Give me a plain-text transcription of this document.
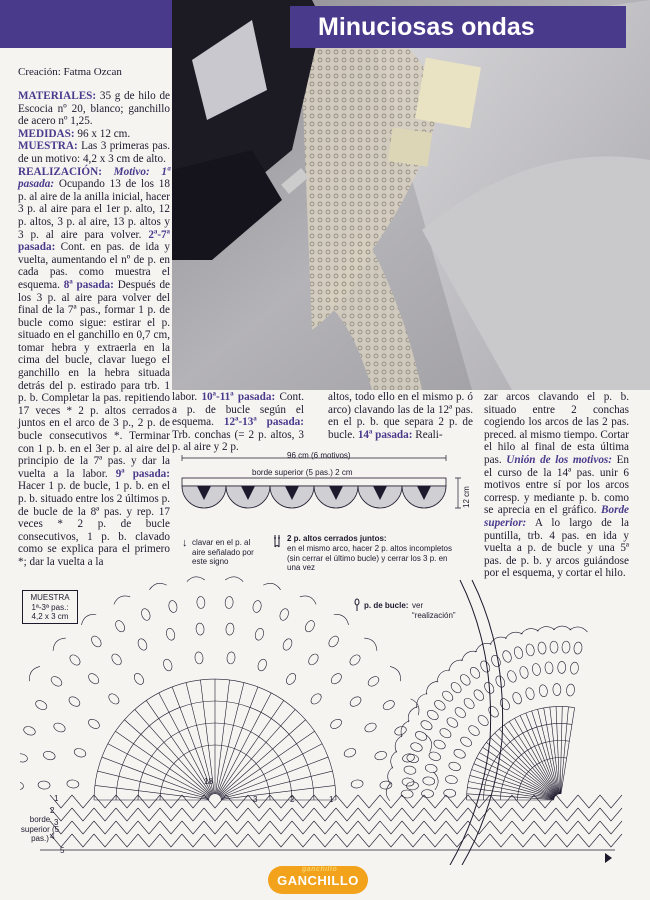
Minuciosas ondas
Creación: Fatma Ozcan
MATERIALES: 35 g de hilo de Escocia nº 20, blanco; ganchillo de acero nº 1,25.
MEDIDAS: 96 x 12 cm.
MUESTRA: Las 3 primeras pas. de un motivo: 4,2 x 3 cm de alto.
REALIZACIÓN: Motivo: 1ª pasada: Ocupando 13 de los 18 p. al aire de la anilla inicial, hacer 3 p. al aire para el 1er p. alto, 12 p. altos, 3 p. al aire, 13 p. altos y 3 p. al aire para volver. 2ª-7ª pasada: Cont. en pas. de ida y vuelta, aumentando el nº de p. en cada pas. como muestra el esquema. 8ª pasada: Después de los 3 p. al aire para volver del final de la 7ª pas., formar 1 p. de bucle como sigue: estirar el p. situado en el ganchillo en 0,7 cm, tomar hebra y extraerla en la cima del bucle, clavar luego el ganchillo en la hebra situada detrás del p. estirado para trb. 1 p. b. Completar la pas. repitiendo 17 veces * 2 p. altos cerrados juntos en el arco de 3 p., 2 p. de bucle consecutivos *. Terminar con 1 p. b. en el 3er p. al aire del principio de la 7ª pas. y dar la vuelta a la labor. 9ª pasada: Hacer 1 p. de bucle, 1 p. b. en el p. b. situado entre los 2 últimos p. de bucle de la 8ª pas. y rep. 17 veces * 2 p. de bucle consecutivos, 1 p. b. clavado como se explica para el primero *; dar la vuelta a la
labor. 10ª-11ª pasada: Cont. a p. de bucle según el esquema. 12ª-13ª pasada: Trb. conchas (= 2 p. altos, 3 p. al aire y 2 p.
altos, todo ello en el mismo p. ó arco) clavando las de la 12ª pas. en el p. b. que separa 2 p. de bucle. 14ª pasada: Reali-
zar arcos clavando el p. b. situado entre 2 conchas cogiendo los arcos de las 2 pas. preced. al mismo tiempo. Cortar el hilo al final de esta última pas. Unión de los motivos: En el curso de la 14ª pas. unir 6 motivos entre sí por los arcos corresp. y mediante p. b. como se aprecia en el gráfico. Borde superior: A lo largo de la puntilla, trb. 4 pas. en ida y vuelta a p. de bucle y una 5ª pas. de p. b. y arcos guiándose por el esquema, y cortar el hilo.
96 cm (6 motivos)
borde superior (5 pas.) 2 cm
12 cm
↓ clavar en el p. al aire señalado por este signo
2 p. altos cerrados juntos:
en el mismo arco, hacer 2 p. altos incompletos (sin cerrar el último bucle) y cerrar los 3 p. en una vez
p. de bucle: ver “realización”
MUESTRA
1ª-3ª pas.:
4,2 x 3 cm
borde superior (5 pas.)
18
3	2	1
5
4
3
2
1
ganchillo
GANCHILLO
